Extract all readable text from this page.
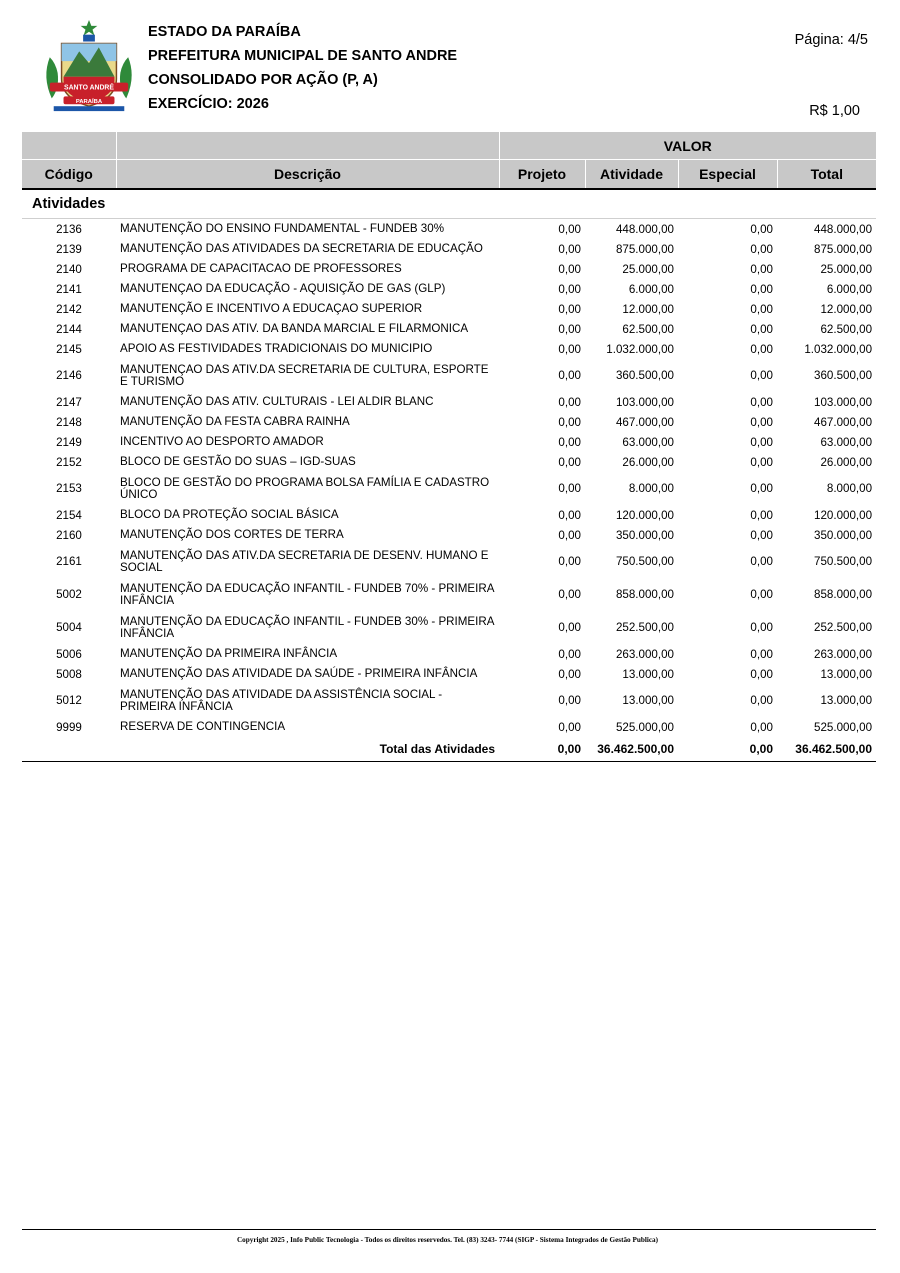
SANTO ANDRÉ
PARAÍBA
ESTADO DA PARAÍBA
PREFEITURA MUNICIPAL DE SANTO ANDRE
CONSOLIDADO POR AÇÃO (P, A)
EXERCÍCIO: 2026
Página: 4/5
R$ 1,00
		VALOR			
Código	Descrição	Projeto	Atividade	Especial	Total
Atividades					
2136	MANUTENÇÃO DO ENSINO FUNDAMENTAL - FUNDEB 30%	0,00	448.000,00	0,00	448.000,00
2139	MANUTENÇÃO DAS ATIVIDADES DA SECRETARIA DE EDUCAÇÃO	0,00	875.000,00	0,00	875.000,00
2140	PROGRAMA DE CAPACITACAO DE PROFESSORES	0,00	25.000,00	0,00	25.000,00
2141	MANUTENÇAO DA EDUCAÇÃO - AQUISIÇÃO DE GAS (GLP)	0,00	6.000,00	0,00	6.000,00
2142	MANUTENÇÃO E INCENTIVO A EDUCAÇAO SUPERIOR	0,00	12.000,00	0,00	12.000,00
2144	MANUTENÇAO DAS ATIV. DA BANDA MARCIAL E FILARMONICA	0,00	62.500,00	0,00	62.500,00
2145	APOIO AS FESTIVIDADES TRADICIONAIS DO MUNICIPIO	0,00	1.032.000,00	0,00	1.032.000,00
2146	MANUTENÇAO DAS ATIV.DA SECRETARIA DE CULTURA, ESPORTE E TURISMO	0,00	360.500,00	0,00	360.500,00
2147	MANUTENÇÃO DAS ATIV. CULTURAIS - LEI ALDIR BLANC	0,00	103.000,00	0,00	103.000,00
2148	MANUTENÇÃO DA FESTA CABRA RAINHA	0,00	467.000,00	0,00	467.000,00
2149	INCENTIVO AO DESPORTO AMADOR	0,00	63.000,00	0,00	63.000,00
2152	BLOCO DE GESTÃO DO SUAS – IGD-SUAS	0,00	26.000,00	0,00	26.000,00
2153	BLOCO DE GESTÃO DO PROGRAMA BOLSA FAMÍLIA E CADASTRO ÚNICO	0,00	8.000,00	0,00	8.000,00
2154	BLOCO DA PROTEÇÃO SOCIAL BÁSICA	0,00	120.000,00	0,00	120.000,00
2160	MANUTENÇÃO DOS CORTES DE TERRA	0,00	350.000,00	0,00	350.000,00
2161	MANUTENÇÃO DAS ATIV.DA SECRETARIA DE DESENV. HUMANO E SOCIAL	0,00	750.500,00	0,00	750.500,00
5002	MANUTENÇÃO DA EDUCAÇÃO INFANTIL - FUNDEB 70% - PRIMEIRA INFÂNCIA	0,00	858.000,00	0,00	858.000,00
5004	MANUTENÇÃO DA EDUCAÇÃO INFANTIL - FUNDEB 30% - PRIMEIRA INFÂNCIA	0,00	252.500,00	0,00	252.500,00
5006	MANUTENÇÃO DA PRIMEIRA INFÂNCIA	0,00	263.000,00	0,00	263.000,00
5008	MANUTENÇÃO DAS ATIVIDADE DA SAÚDE - PRIMEIRA INFÂNCIA	0,00	13.000,00	0,00	13.000,00
5012	MANUTENÇÃO DAS ATIVIDADE DA ASSISTÊNCIA SOCIAL - PRIMEIRA INFÂNCIA	0,00	13.000,00	0,00	13.000,00
9999	RESERVA DE CONTINGENCIA	0,00	525.000,00	0,00	525.000,00
	Total das Atividades	0,00	36.462.500,00	0,00	36.462.500,00
Copyright 2025 , Info Public Tecnologia - Todos os direitos reservedos. Tel. (83) 3243- 7744 (SIGP - Sistema Integrados de Gestão Publica)
